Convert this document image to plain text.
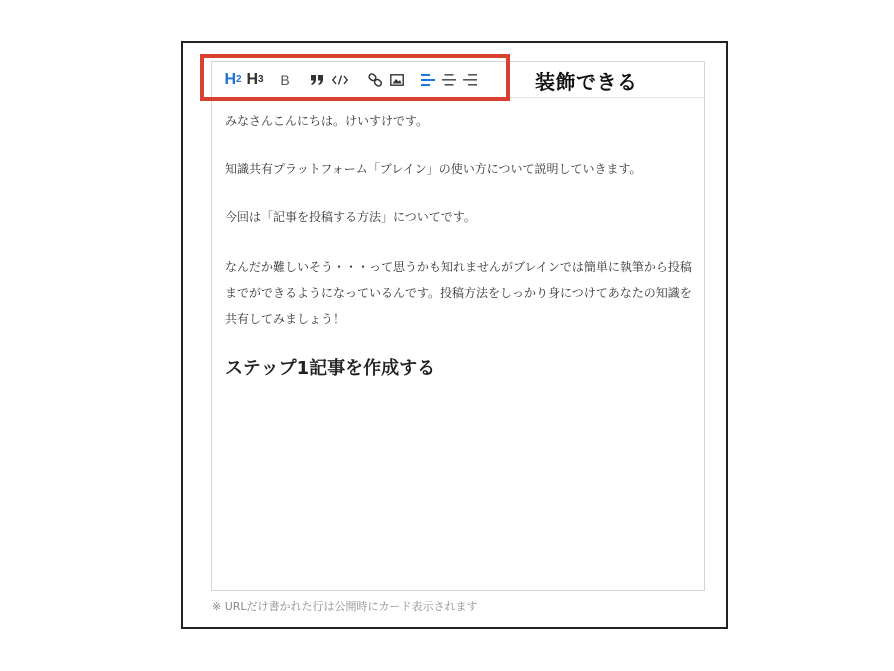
H 2 H 3 B	装飾できる
みなさんこんにちは。けいすけです。
知識共有プラットフォーム「ブレイン」の使い方について説明していきます。
今回は「記事を投稿する方法」についてです。
なんだか難しいそう・・・って思うかも知れませんがブレインでは簡単に執筆から投稿までができるようになっているんです。投稿方法をしっかり身につけてあなたの知識を共有してみましょう！
ステップ1記事を作成する
※ URLだけ書かれた行は公開時にカード表示されます
